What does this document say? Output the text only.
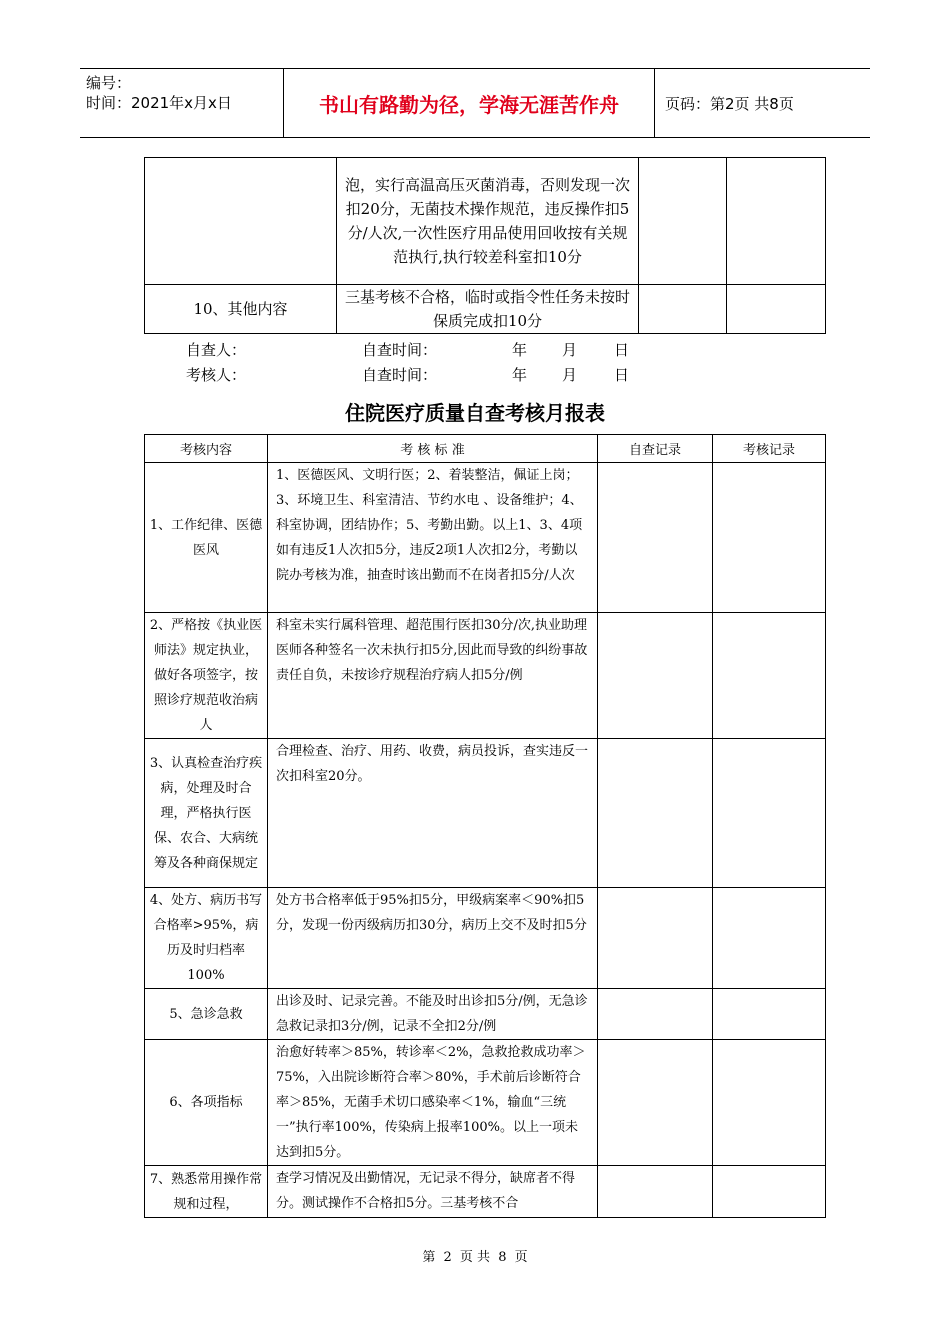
编号：
时间：2021年x月x日	书山有路勤为径，学海无涯苦作舟	页码：第2页 共8页
	泡，实行高温高压灭菌消毒，否则发现一次扣20分，无菌技术操作规范，违反操作扣5分/人次,一次性医疗用品使用回收按有关规范执行,执行较差科室扣10分		
10、其他内容	三基考核不合格，临时或指令性任务未按时保质完成扣10分		
自查人：	自查时间：	年 月 日
考核人：	自查时间：	年 月 日
住院医疗质量自查考核月报表
考核内容	考 核 标 准	自查记录	考核记录
1、工作纪律、医德医风	1、医德医风、文明行医；2、着装整洁，佩证上岗；3、环境卫生、科室清洁、节约水电 、设备维护；4、科室协调，团结协作；5、考勤出勤。以上1、3、4项如有违反1人次扣5分，违反2项1人次扣2分，考勤以院办考核为准，抽查时该出勤而不在岗者扣5分/人次		
2、严格按《执业医师法》规定执业，做好各项签字，按照诊疗规范收治病人	科室未实行属科管理、超范围行医扣30分/次,执业助理医师各种签名一次未执行扣5分,因此而导致的纠纷事故责任自负，未按诊疗规程治疗病人扣5分/例		
3、认真检查治疗疾病，处理及时合理，严格执行医保、农合、大病统筹及各种商保规定	合理检查、治疗、用药、收费，病员投诉，查实违反一次扣科室20分。		
4、处方、病历书写合格率>95%，病历及时归档率100%	处方书合格率低于95%扣5分，甲级病案率＜90%扣5分，发现一份丙级病历扣30分，病历上交不及时扣5分		
5、急诊急救	出诊及时、记录完善。不能及时出诊扣5分/例，无急诊急救记录扣3分/例，记录不全扣2分/例		
6、各项指标	治愈好转率＞85%，转诊率＜2%，急救抢救成功率＞75%，入出院诊断符合率＞80%，手术前后诊断符合率＞85%，无菌手术切口感染率＜1%，输血“三统一”执行率100%，传染病上报率100%。以上一项未达到扣5分。		
7、熟悉常用操作常规和过程，	查学习情况及出勤情况，无记录不得分，缺席者不得分。测试操作不合格扣5分。三基考核不合		
第 2 页 共 8 页
